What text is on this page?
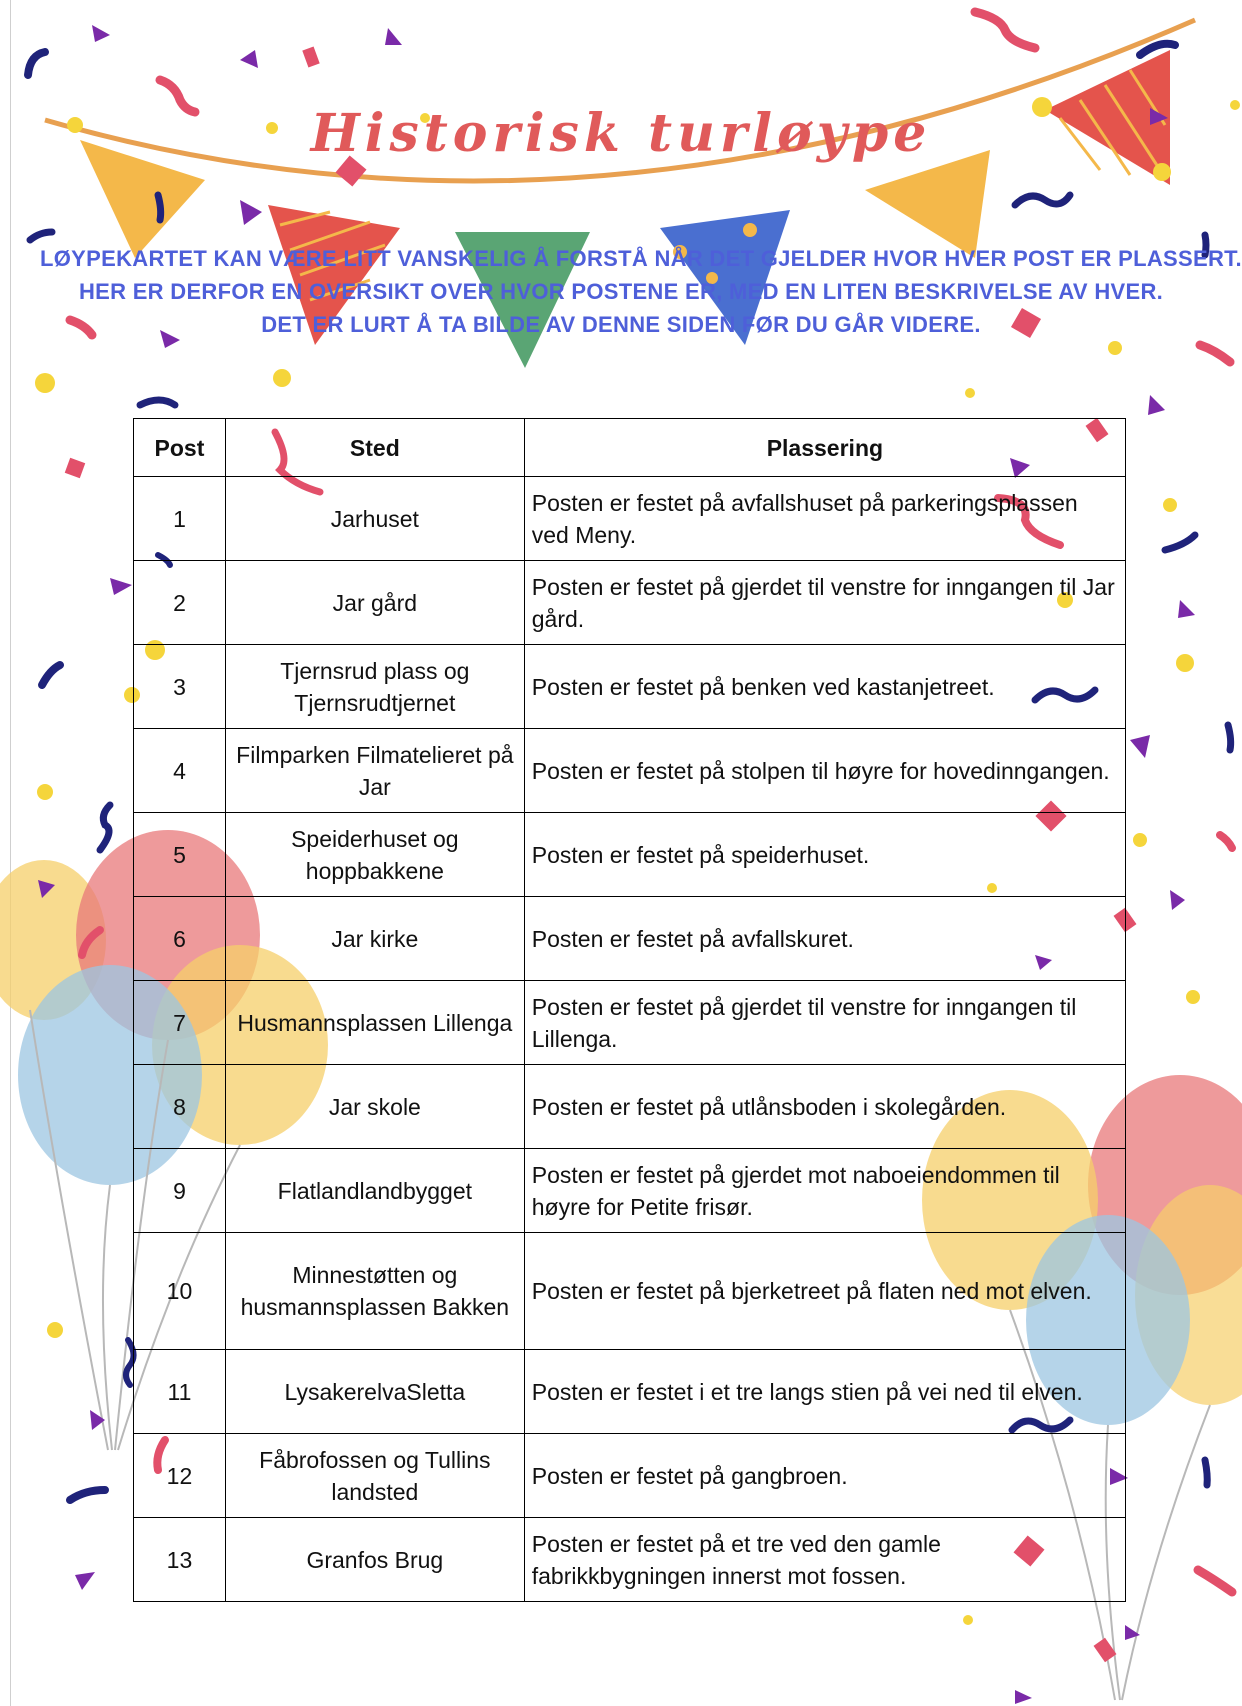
Historisk turløype
LØYPEKARTET KAN VÆRE LITT VANSKELIG Å FORSTÅ NÅR DET GJELDER HVOR HVER POST ER PLASSERT.
HER ER DERFOR EN OVERSIKT OVER HVOR POSTENE ER, MED EN LITEN BESKRIVELSE AV HVER.
DET ER LURT Å TA BILDE AV DENNE SIDEN FØR DU GÅR VIDERE.
Post	Sted	Plassering
1	Jarhuset	Posten er festet på avfallshuset på parkeringsplassen ved Meny.
2	Jar gård	Posten er festet på gjerdet til venstre for inngangen til Jar gård.
3	Tjernsrud plass og Tjernsrudtjernet	Posten er festet på benken ved kastanjetreet.
4	Filmparken Filmatelieret på Jar	Posten er festet på stolpen til høyre for hovedinngangen.
5	Speiderhuset og hoppbakkene	Posten er festet på speiderhuset.
6	Jar kirke	Posten er festet på avfallskuret.
7	Husmannsplassen Lillenga	Posten er festet på gjerdet til venstre for inngangen til Lillenga.
8	Jar skole	Posten er festet på utlånsboden i skolegården.
9	Flatlandlandbygget	Posten er festet på gjerdet mot naboeiendommen til høyre for Petite frisør.
10	Minnestøtten og husmannsplassen Bakken	Posten er festet på bjerketreet på flaten ned mot elven.
11	LysakerelvaSletta	Posten er festet i et tre langs stien på vei ned til elven.
12	Fåbrofossen og Tullins landsted	Posten er festet på gangbroen.
13	Granfos Brug	Posten er festet på et tre ved den gamle fabrikkbygningen innerst mot fossen.
